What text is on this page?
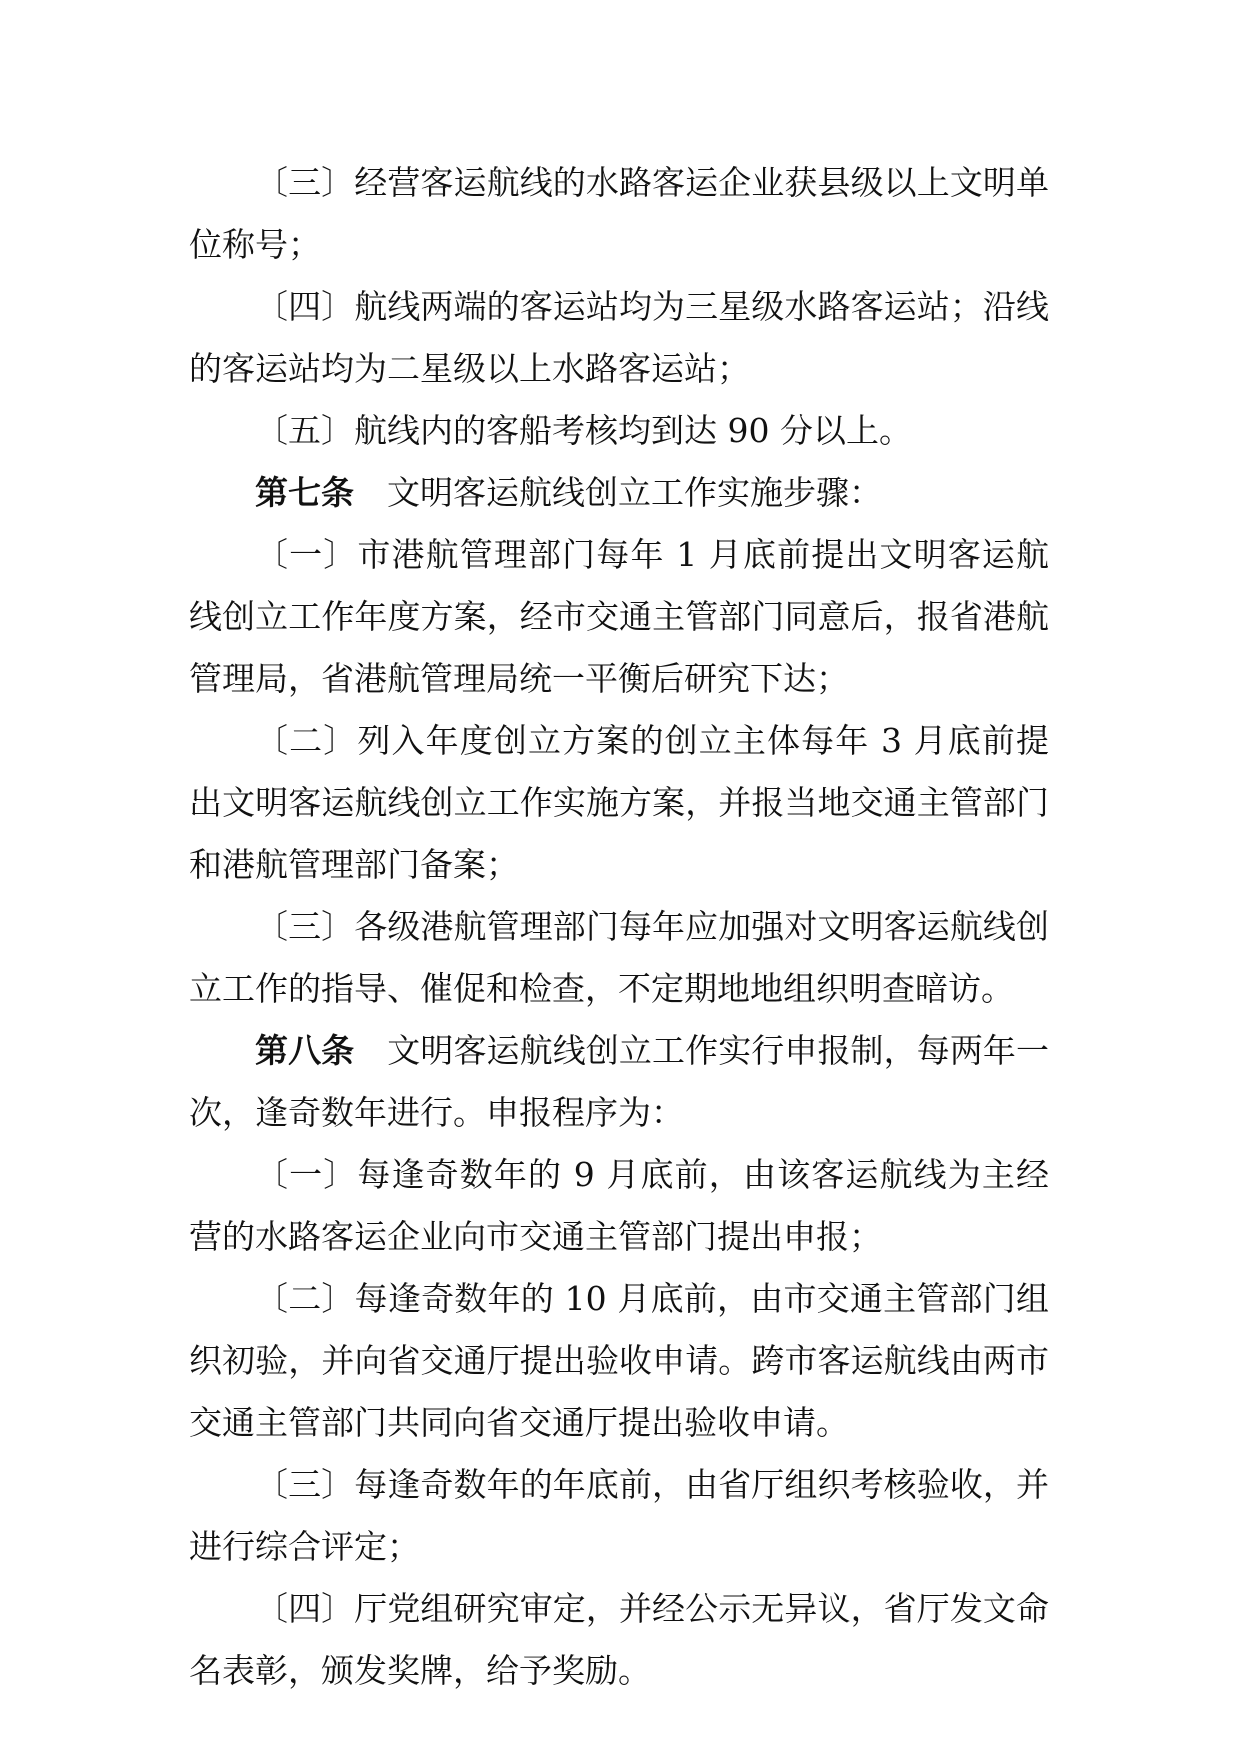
〔三〕经营客运航线的水路客运企业获县级以上文明单位称号；

〔四〕航线两端的客运站均为三星级水路客运站；沿线的客运站均为二星级以上水路客运站；

〔五〕航线内的客船考核均到达 90 分以上。

第七条 文明客运航线创立工作实施步骤：

〔一〕市港航管理部门每年 1 月底前提出文明客运航线创立工作年度方案，经市交通主管部门同意后，报省港航管理局，省港航管理局统一平衡后研究下达；

〔二〕列入年度创立方案的创立主体每年 3 月底前提出文明客运航线创立工作实施方案，并报当地交通主管部门和港航管理部门备案；

〔三〕各级港航管理部门每年应加强对文明客运航线创立工作的指导、催促和检查，不定期地地组织明查暗访。

第八条 文明客运航线创立工作实行申报制，每两年一次，逢奇数年进行。申报程序为：

〔一〕每逢奇数年的 9 月底前，由该客运航线为主经营的水路客运企业向市交通主管部门提出申报；

〔二〕每逢奇数年的 10 月底前，由市交通主管部门组织初验，并向省交通厅提出验收申请。跨市客运航线由两市交通主管部门共同向省交通厅提出验收申请。

〔三〕每逢奇数年的年底前，由省厅组织考核验收，并进行综合评定；

〔四〕厅党组研究审定，并经公示无异议，省厅发文命名表彰，颁发奖牌，给予奖励。
